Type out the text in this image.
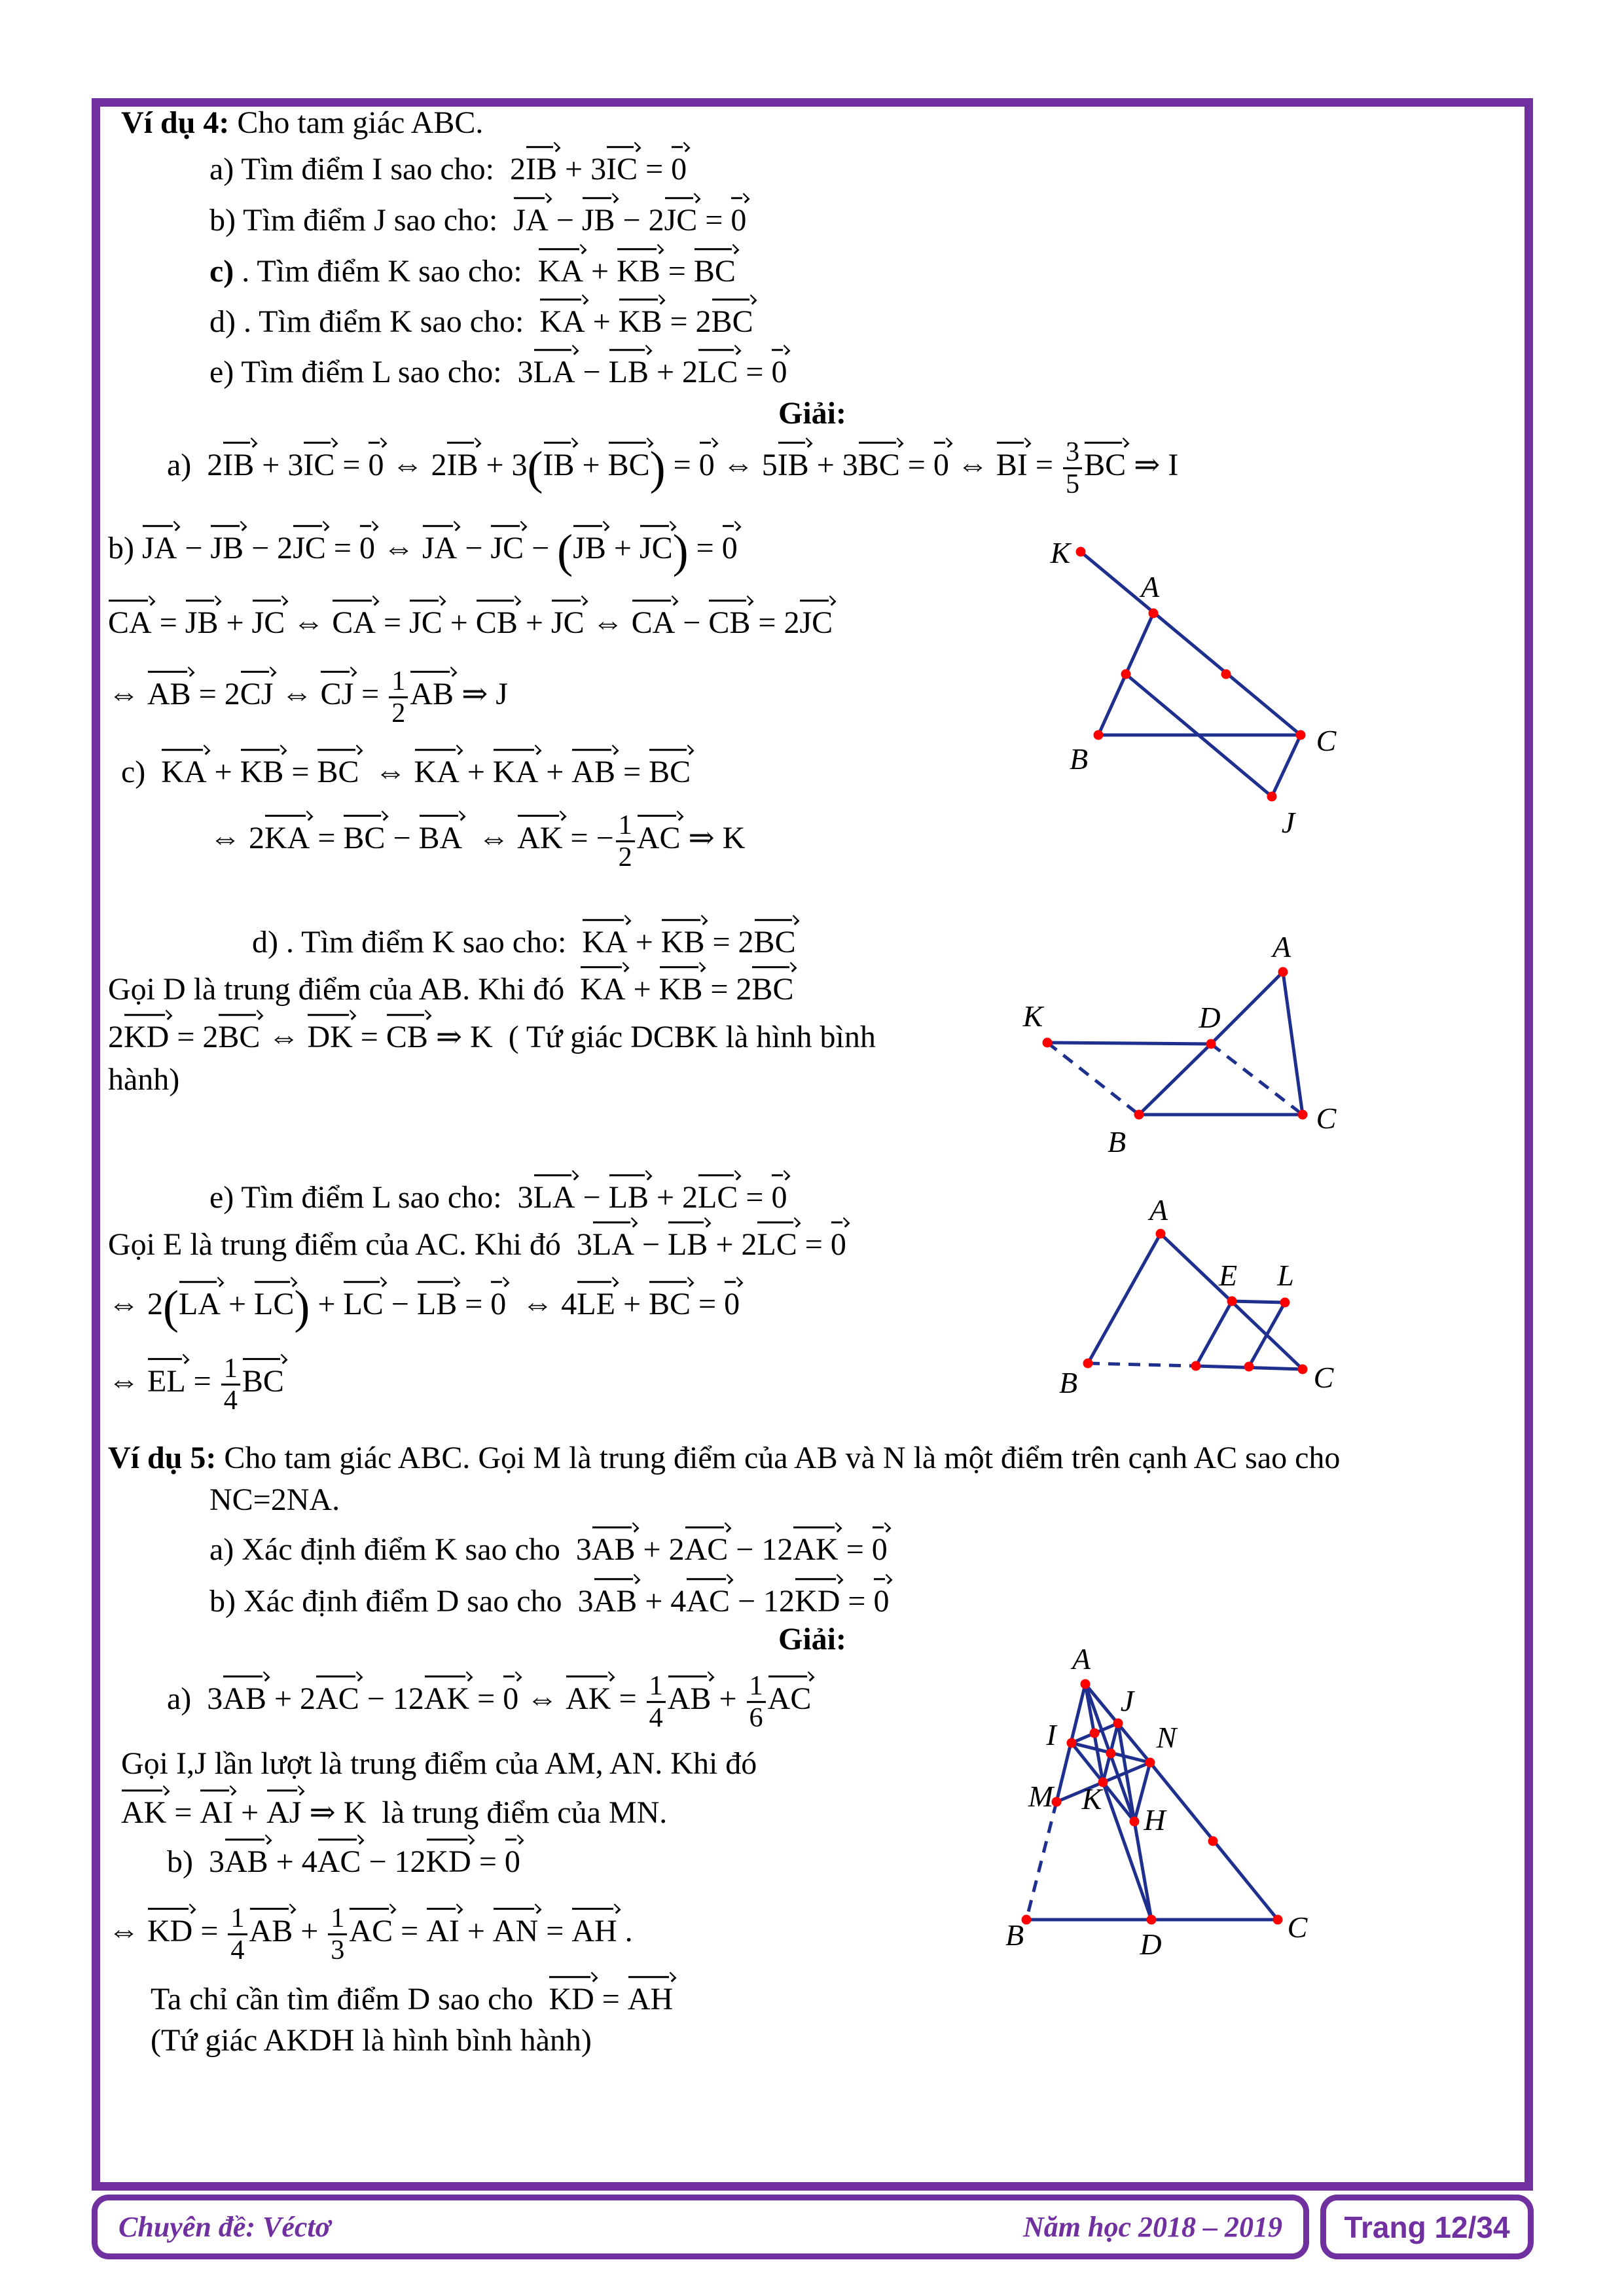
Ví dụ 4: Cho tam giác ABC.
a) Tìm điểm I sao cho:  2IB + 3IC = 0
b) Tìm điểm J sao cho:  JA − JB − 2JC = 0
c) . Tìm điểm K sao cho:  KA + KB = BC
d) . Tìm điểm K sao cho:  KA + KB = 2BC
e) Tìm điểm L sao cho:  3LA − LB + 2LC = 0
Giải:
a)  2IB + 3IC = 0 ⇔ 2IB + 3(IB + BC) = 0 ⇔ 5IB + 3BC = 0 ⇔ BI = $\frac{3}{5}$ BC ⇒ I
b) JA − JB − 2JC = 0 ⇔ JA − JC − (JB + JC) = 0
CA = JB + JC ⇔ CA = JC + CB + JC ⇔ CA − CB = 2JC
⇔ AB = 2CJ ⇔ CJ = $\frac{1}{2}$ AB ⇒ J
c)  KA + KB = BC  ⇔ KA + KA + AB = BC
⇔ 2KA = BC − BA  ⇔ AK = − $\frac{1}{2}$ AC ⇒ K
d) . Tìm điểm K sao cho:  KA + KB = 2BC
Gọi D là trung điểm của AB. Khi đó  KA + KB = 2BC
2KD = 2BC ⇔ DK = CB ⇒ K  ( Tứ giác DCBK là hình bình
hành)
e) Tìm điểm L sao cho:  3LA − LB + 2LC = 0
Gọi E là trung điểm của AC. Khi đó  3LA − LB + 2LC = 0
⇔ 2(LA + LC) + LC − LB = 0  ⇔ 4LE + BC = 0
⇔ EL = $\frac{1}{4}$ BC
Ví dụ 5: Cho tam giác ABC. Gọi M là trung điểm của AB và N là một điểm trên cạnh AC sao cho
NC=2NA.
a) Xác định điểm K sao cho  3AB + 2AC − 12AK = 0
b) Xác định điểm D sao cho  3AB + 4AC − 12KD = 0
Giải:
a)  3AB + 2AC − 12AK = 0 ⇔ AK = $\frac{1}{4}$ AB + $\frac{1}{6}$ AC
Gọi I,J lần lượt là trung điểm của AM, AN. Khi đó
AK = AI + AJ ⇒ K  là trung điểm của MN.
b)  3AB + 4AC − 12KD = 0
⇔ KD = $\frac{1}{4}$ AB + $\frac{1}{3}$ AC = AI + AN = AH .
Ta chỉ cần tìm điểm D sao cho  KD = AH
(Tứ giác AKDH là hình bình hành)
K
A
B
C
J
A
K	D
B
C
A
E L
B	C
A
J
I	N
M K
H
B	D
C
Chuyên đề: Véctơ	Năm học 2018 – 2019 Trang 12/34
